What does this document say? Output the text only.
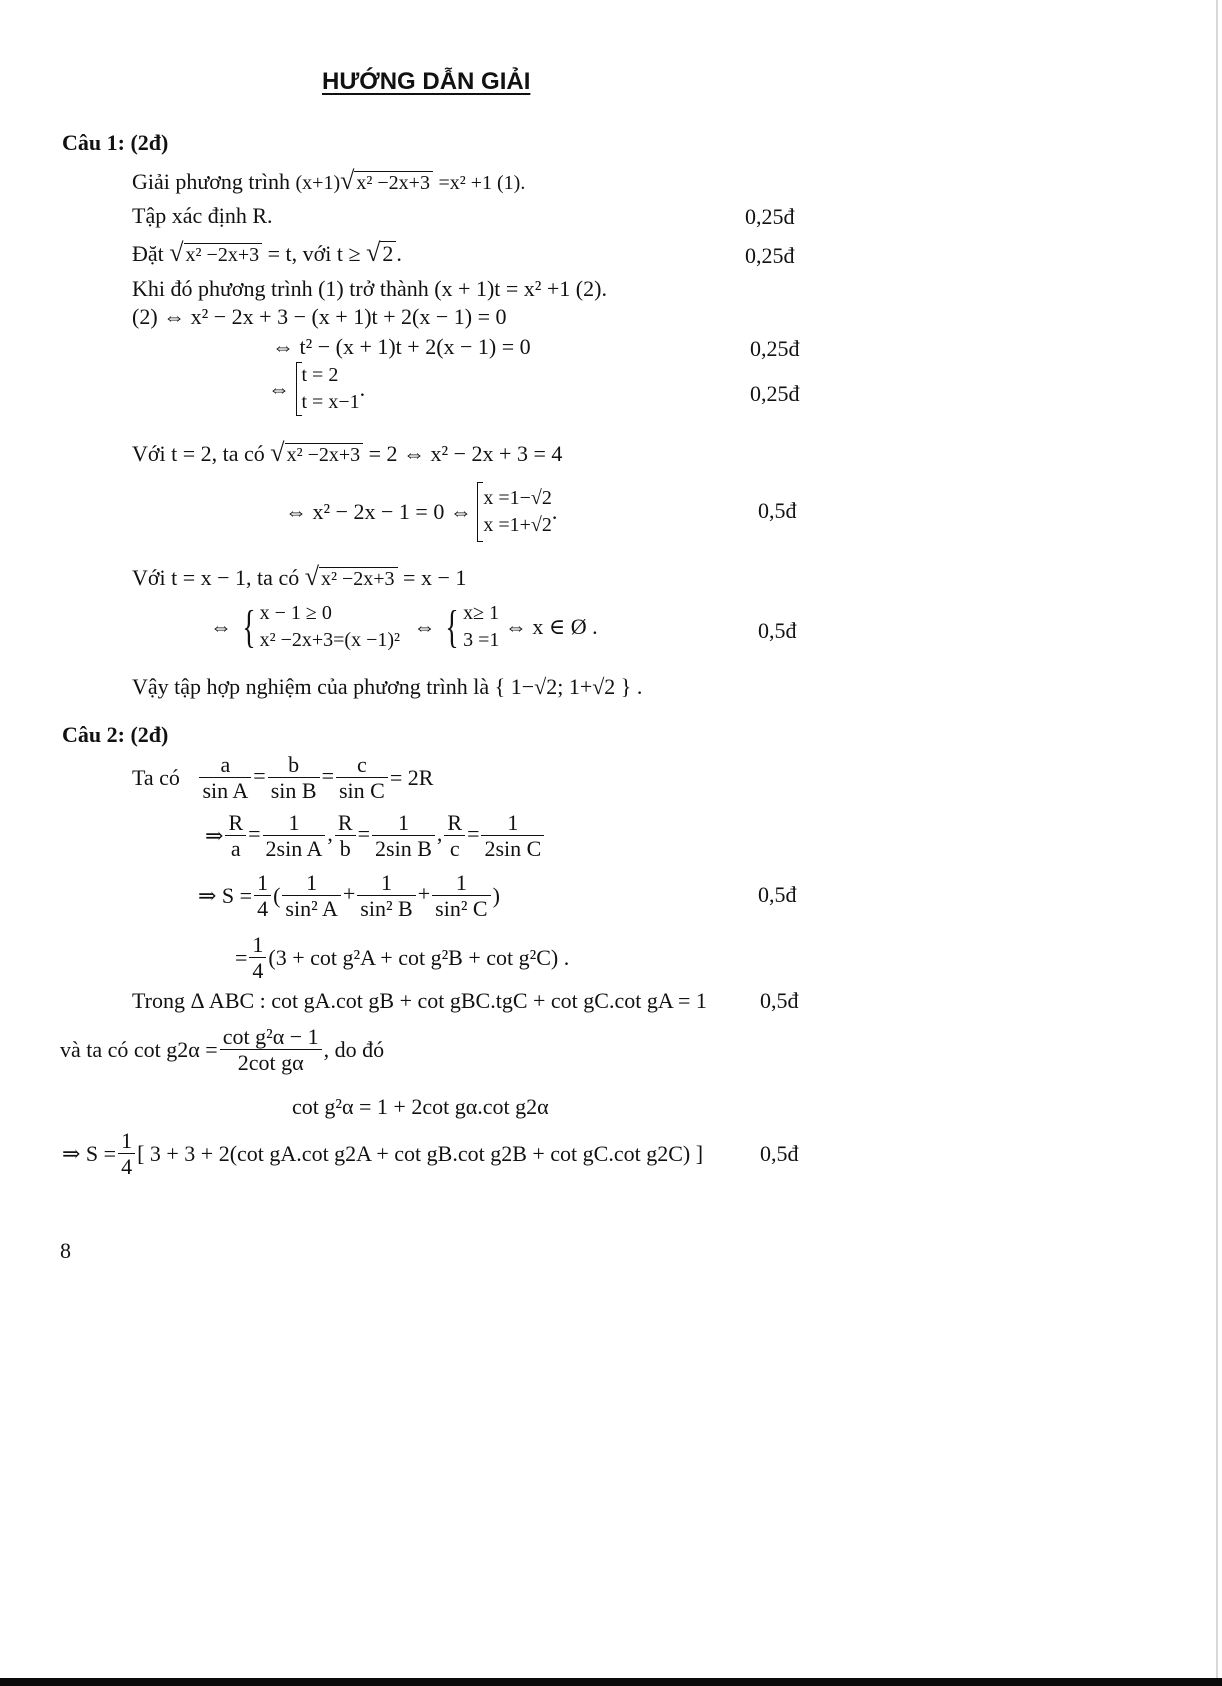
HƯỚNG DẪN GIẢI
Câu 1: (2đ)
Giải phương trình (x+1)√ x² −2x+3 =x² +1 (1).
Tập xác định R.	0,25đ
Đặt √ x² −2x+3 = t, với t ≥ √2 .	0,25đ
Khi đó phương trình (1) trở thành (x + 1)t = x² +1 (2).
(2) ⇔ x² − 2x + 3 − (x + 1)t + 2(x − 1) = 0
⇔ t² − (x + 1)t + 2(x − 1) = 0	0,25đ
⇔
t = 2
t = x−1
.	0,25đ
Với t = 2, ta có √ x² −2x+3 = 2 ⇔ x² − 2x + 3 = 4
⇔ x² − 2x − 1 = 0 ⇔
x =1−√2
x =1+√2
.	0,5đ
Với t = x − 1, ta có √ x² −2x+3 = x − 1
⇔ { x − 1 ≥ 0
x² −2x+3=(x −1)²
⇔ { x≥ 1
3 =1
⇔ x ∈ Ø .	0,5đ
Vậy tập hợp nghiệm của phương trình là { 1−√2; 1+√2 } .
Câu 2: (2đ)
Ta có $\frac{a}{\text{sin A}} = \frac{b}{\text{sin B}} = \frac{c}{\text{sin C}} = 2R$
⇒ $\frac{R}{a} = \frac{1}{\text{2sin A}}$ , $\frac{R}{b} = \frac{1}{\text{2sin B}}$ , $\frac{R}{c} = \frac{1}{\text{2sin C}}$
⇒ $S = \frac{1}{4}$ ( $\frac{1}{\text{sin² A}} + \frac{1}{\text{sin² B}} + \frac{1}{\text{sin² C}}$ )	0,5đ
= $\frac{1}{4} (3 + \cot g^2A + \cot g^2B + \cot g^2C)$ .
Trong Δ ABC : cot gA.cot gB + cot gBC.tgC + cot gC.cot gA = 1 0,5đ
và ta có $\cot g2\alpha = \frac{\text{cot g²α − 1}}{\text{2cot gα}}$ , do đó
cot g²α = 1 + 2cot gα.cot g2α
⇒ $S = \frac{1}{4}$ [ 3 + 3 + 2(cot gA.cot g2A + cot gB.cot g2B + cot gC.cot g2C) ]	0,5đ
8
